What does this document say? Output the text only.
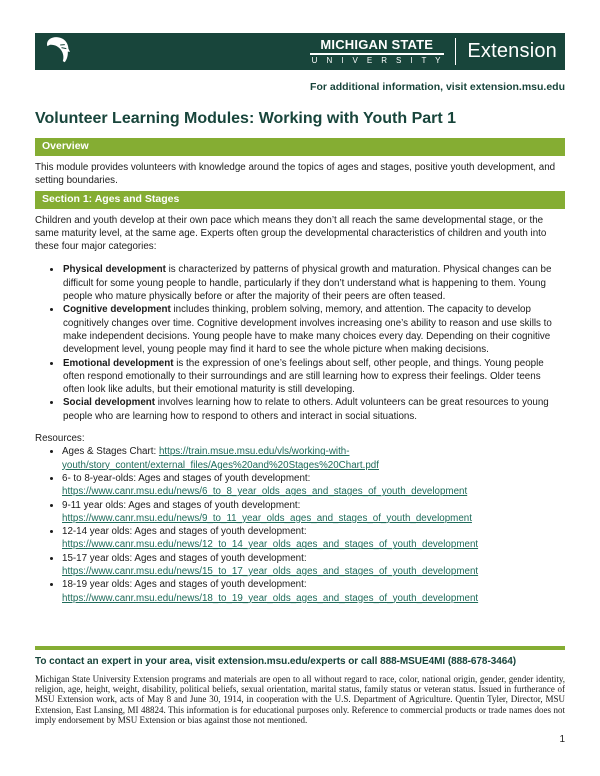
MICHIGAN STATE
U N I V E R S I T Y Extension
For additional information, visit extension.msu.edu
Volunteer Learning Modules: Working with Youth Part 1
Overview

This module provides volunteers with knowledge around the topics of ages and stages, positive youth development, and setting boundaries.

Section 1: Ages and Stages

Children and youth develop at their own pace which means they don’t all reach the same developmental stage, or the same maturity level, at the same age. Experts often group the developmental characteristics of children and youth into these four major categories:

• Physical development is characterized by patterns of physical growth and maturation. Physical changes can be difficult for some young people to handle, particularly if they don’t understand what is happening to them. Young people who mature physically before or after the majority of their peers are often teased.
• Cognitive development includes thinking, problem solving, memory, and attention. The capacity to develop cognitively changes over time. Cognitive development involves increasing one’s ability to reason and use skills to make independent decisions. Young people have to make many choices every day. Depending on their cognitive development level, young people may find it hard to see the whole picture when making decisions.
• Emotional development is the expression of one’s feelings about self, other people, and things. Young people often respond emotionally to their surroundings and are still learning how to express their feelings. Older teens often look like adults, but their emotional maturity is still developing.
• Social development involves learning how to relate to others. Adult volunteers can be great resources to young people who are learning how to respond to others and interact in social situations.
Resources:
• Ages & Stages Chart: https://train.msue.msu.edu/vls/working-with-youth/story_content/external_files/Ages%20and%20Stages%20Chart.pdf
• 6- to 8-year-olds: Ages and stages of youth development:
https://www.canr.msu.edu/news/6_to_8_year_olds_ages_and_stages_of_youth_development
• 9-11 year olds: Ages and stages of youth development:
https://www.canr.msu.edu/news/9_to_11_year_olds_ages_and_stages_of_youth_development
• 12-14 year olds: Ages and stages of youth development:
https://www.canr.msu.edu/news/12_to_14_year_olds_ages_and_stages_of_youth_development
• 15-17 year olds: Ages and stages of youth development:
https://www.canr.msu.edu/news/15_to_17_year_olds_ages_and_stages_of_youth_development
• 18-19 year olds: Ages and stages of youth development:
https://www.canr.msu.edu/news/18_to_19_year_olds_ages_and_stages_of_youth_development
To contact an expert in your area, visit extension.msu.edu/experts or call 888-MSUE4MI (888-678-3464)
Michigan State University Extension programs and materials are open to all without regard to race, color, national origin, gender, gender identity, religion, age, height, weight, disability, political beliefs, sexual orientation, marital status, family status or veteran status. Issued in furtherance of MSU Extension work, acts of May 8 and June 30, 1914, in cooperation with the U.S. Department of Agriculture. Quentin Tyler, Director, MSU Extension, East Lansing, MI 48824. This information is for educational purposes only. Reference to commercial products or trade names does not imply endorsement by MSU Extension or bias against those not mentioned.
1
